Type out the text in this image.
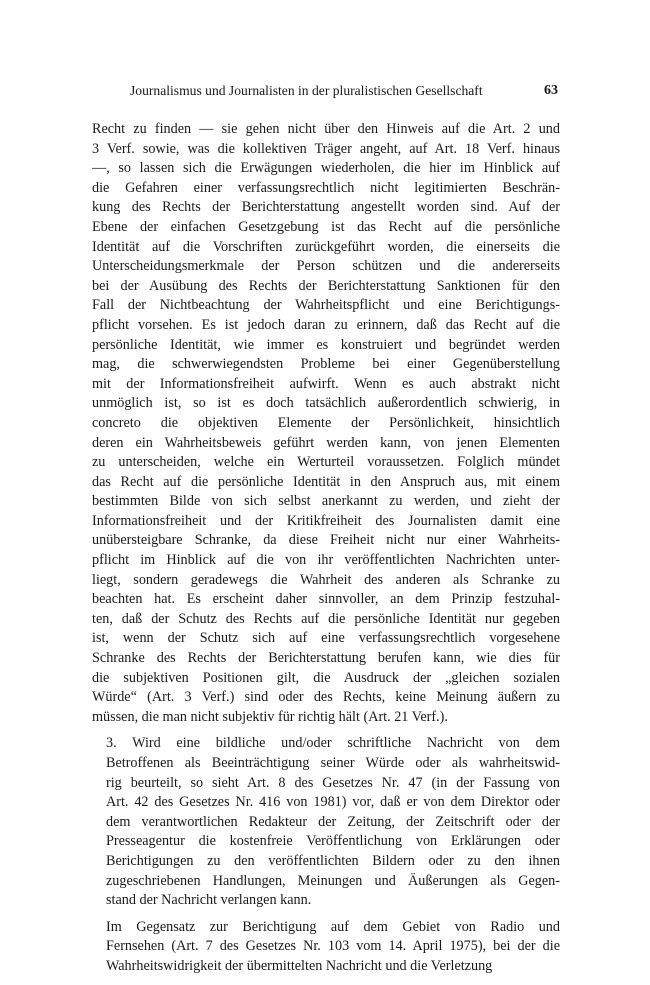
Journalismus und Journalisten in der pluralistischen Gesellschaft	63

Recht zu finden — sie gehen nicht über den Hinweis auf die Art. 2 und
3 Verf. sowie, was die kollektiven Träger angeht, auf Art. 18 Verf. hinaus
—, so lassen sich die Erwägungen wiederholen, die hier im Hinblick auf
die Gefahren einer verfassungsrechtlich nicht legitimierten Beschrän-
kung des Rechts der Berichterstattung angestellt worden sind. Auf der
Ebene der einfachen Gesetzgebung ist das Recht auf die persönliche
Identität auf die Vorschriften zurückgeführt worden, die einerseits die
Unterscheidungsmerkmale der Person schützen und die andererseits
bei der Ausübung des Rechts der Berichterstattung Sanktionen für den
Fall der Nichtbeachtung der Wahrheitspflicht und eine Berichtigungs-
pflicht vorsehen. Es ist jedoch daran zu erinnern, daß das Recht auf die
persönliche Identität, wie immer es konstruiert und begründet werden
mag, die schwerwiegendsten Probleme bei einer Gegenüberstellung
mit der Informationsfreiheit aufwirft. Wenn es auch abstrakt nicht
unmöglich ist, so ist es doch tatsächlich außerordentlich schwierig, in
concreto die objektiven Elemente der Persönlichkeit, hinsichtlich
deren ein Wahrheitsbeweis geführt werden kann, von jenen Elementen
zu unterscheiden, welche ein Werturteil voraussetzen. Folglich mündet
das Recht auf die persönliche Identität in den Anspruch aus, mit einem
bestimmten Bilde von sich selbst anerkannt zu werden, und zieht der
Informationsfreiheit und der Kritikfreiheit des Journalisten damit eine
unübersteigbare Schranke, da diese Freiheit nicht nur einer Wahrheits-
pflicht im Hinblick auf die von ihr veröffentlichten Nachrichten unter-
liegt, sondern geradewegs die Wahrheit des anderen als Schranke zu
beachten hat. Es erscheint daher sinnvoller, an dem Prinzip festzuhal-
ten, daß der Schutz des Rechts auf die persönliche Identität nur gegeben
ist, wenn der Schutz sich auf eine verfassungsrechtlich vorgesehene
Schranke des Rechts der Berichterstattung berufen kann, wie dies für
die subjektiven Positionen gilt, die Ausdruck der „gleichen sozialen
Würde“ (Art. 3 Verf.) sind oder des Rechts, keine Meinung äußern zu
müssen, die man nicht subjektiv für richtig hält (Art. 21 Verf.).

3. Wird eine bildliche und/oder schriftliche Nachricht von dem
Betroffenen als Beeinträchtigung seiner Würde oder als wahrheitswid-
rig beurteilt, so sieht Art. 8 des Gesetzes Nr. 47 (in der Fassung von
Art. 42 des Gesetzes Nr. 416 von 1981) vor, daß er von dem Direktor oder
dem verantwortlichen Redakteur der Zeitung, der Zeitschrift oder der
Presseagentur die kostenfreie Veröffentlichung von Erklärungen oder
Berichtigungen zu den veröffentlichten Bildern oder zu den ihnen
zugeschriebenen Handlungen, Meinungen und Äußerungen als Gegen-
stand der Nachricht verlangen kann.

Im Gegensatz zur Berichtigung auf dem Gebiet von Radio und
Fernsehen (Art. 7 des Gesetzes Nr. 103 vom 14. April 1975), bei der die
Wahrheitswidrigkeit der übermittelten Nachricht und die Verletzung
